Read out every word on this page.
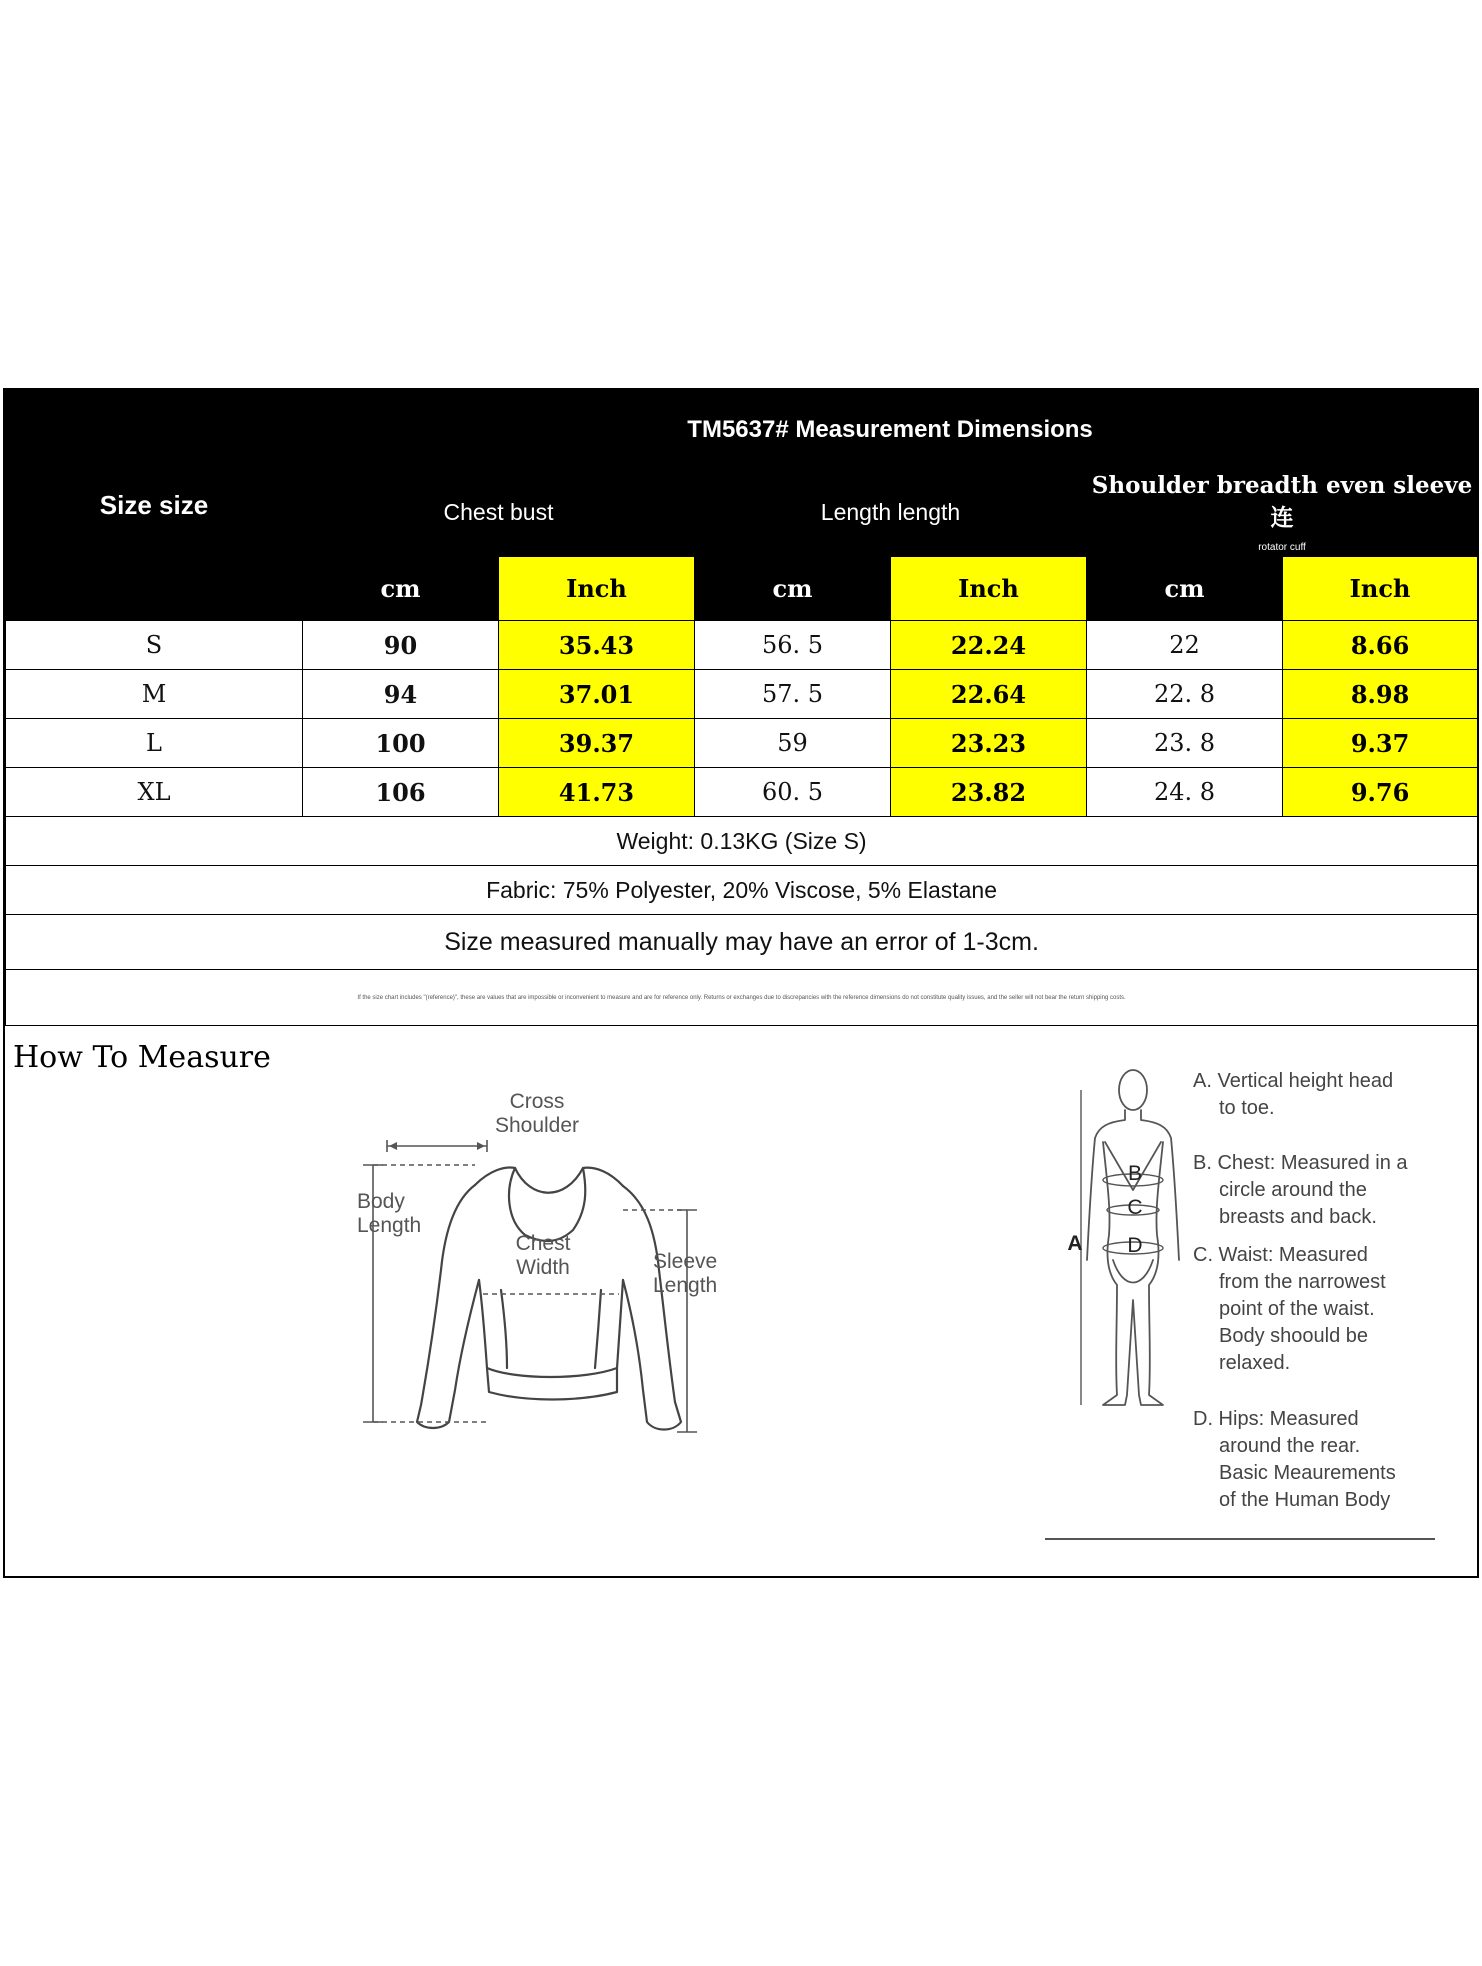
Size size	TM5637# Measurement Dimensions					
	Chest bust		Length length		Shoulder breadth even sleeve连
rotator cuff	

	cm	Inch	cm	Inch	cm	Inch
S	90	35.43	56. 5	22.24	22	8.66
M	94	37.01	57. 5	22.64	22. 8	8.98
L	100	39.37	59	23.23	23. 8	9.37
XL	106	41.73	60. 5	23.82	24. 8	9.76
Weight: 0.13KG (Size S)						
Fabric: 75% Polyester, 20% Viscose, 5% Elastane						
Size measured manually may have an error of 1-3cm.						
If the size chart includes "(reference)", these are values that are impossible or inconvenient to measure and are for reference only. Returns or exchanges due to discrepancies with the reference dimensions do not constitute quality issues, and the seller will not bear the return shipping costs.						
How To Measure
Cross
Shoulder
Body
Length
Chest
Width	Sleeve
Length
A
B
C
D
A. Vertical height head
to toe.
B. Chest: Measured in a
circle around the
breasts and back.
C. Waist: Measured
from the narrowest
point of the waist.
Body shoould be
relaxed.
D. Hips: Measured
around the rear.
Basic Meaurements
of the Human Body
